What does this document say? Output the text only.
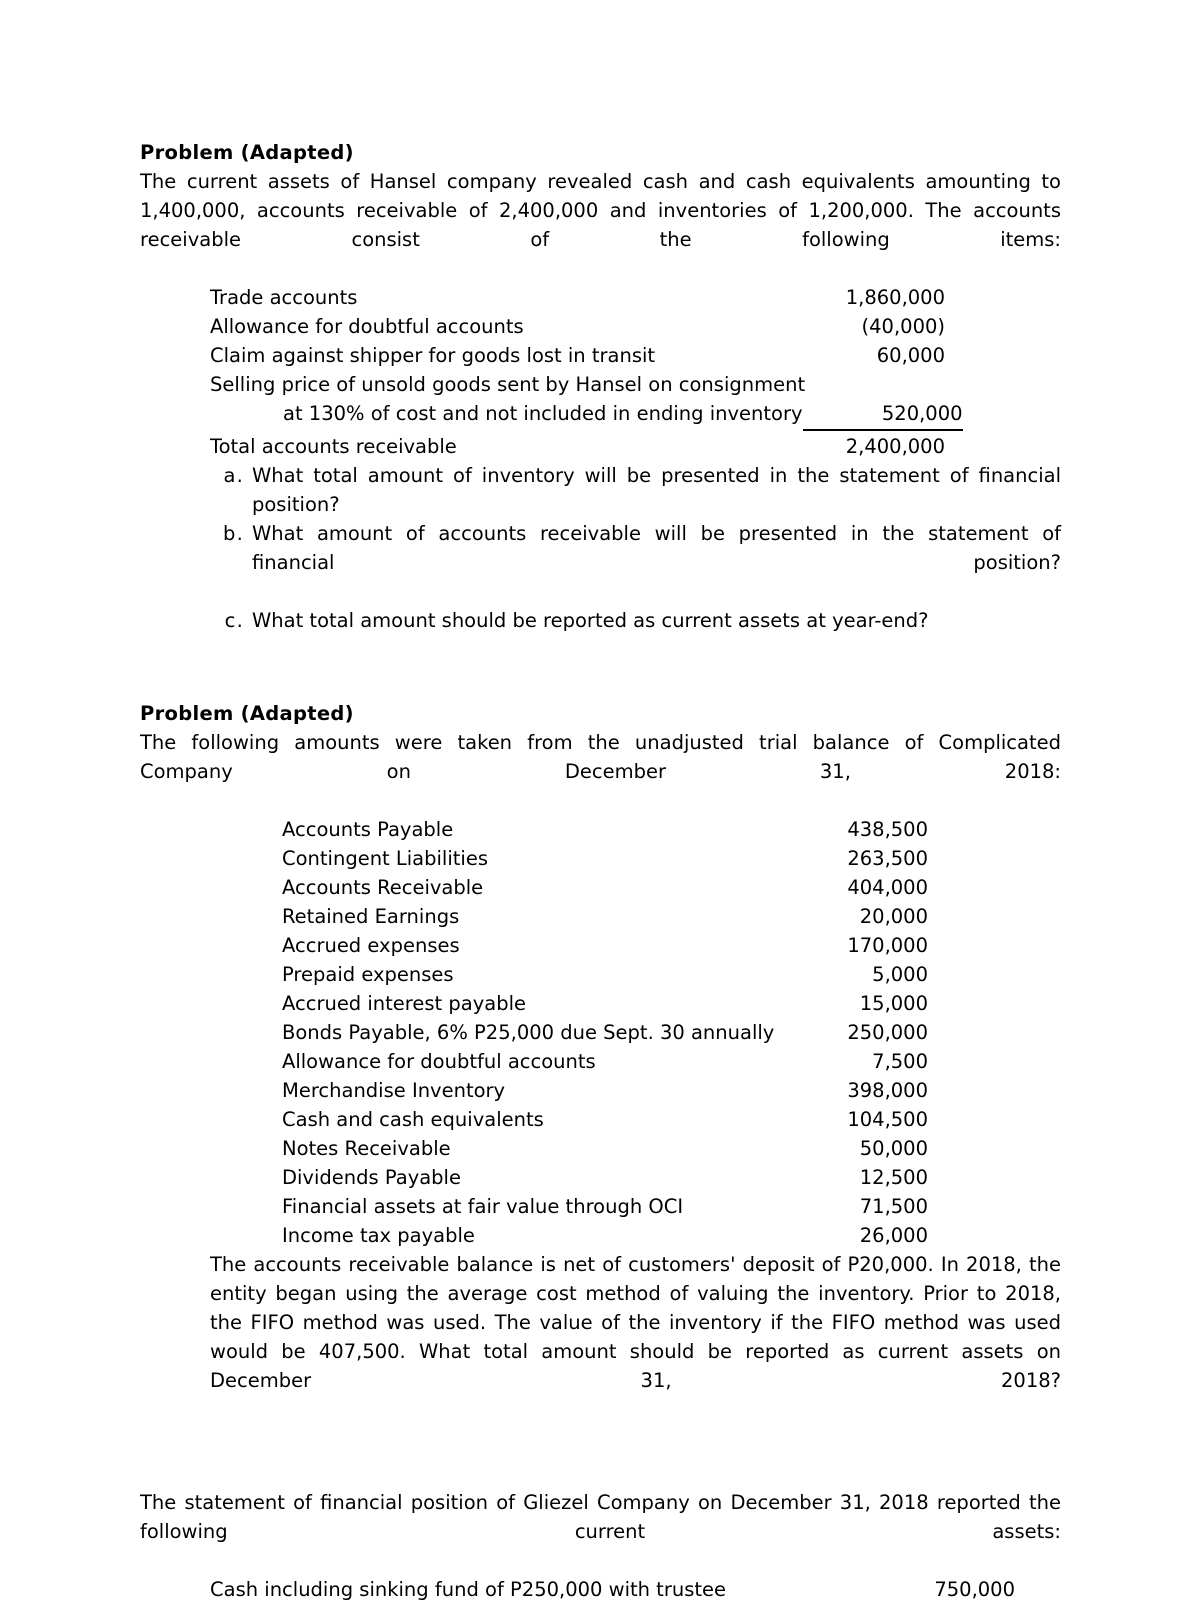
Problem (Adapted)
The current assets of Hansel company revealed cash and cash equivalents amounting to 1,400,000, accounts receivable of 2,400,000 and inventories of 1,200,000. The accounts receivable consist of the following items:
Trade accounts	1,860,000
Allowance for doubtful accounts	(40,000)
Claim against shipper for goods lost in transit	60,000
Selling price of unsold goods sent by Hansel on consignment
at 130% of cost and not included in ending inventory	520,000
Total accounts receivable	2,400,000
a. What total amount of inventory will be presented in the statement of financial position?
b. What amount of accounts receivable will be presented in the statement of financial position?
c. What total amount should be reported as current assets at year-end?
Problem (Adapted)
The following amounts were taken from the unadjusted trial balance of Complicated Company on December 31, 2018:
Accounts Payable	438,500
Contingent Liabilities	263,500
Accounts Receivable	404,000
Retained Earnings	20,000
Accrued expenses	170,000
Prepaid expenses	5,000
Accrued interest payable	15,000
Bonds Payable, 6% P25,000 due Sept. 30 annually	250,000
Allowance for doubtful accounts	7,500
Merchandise Inventory	398,000
Cash and cash equivalents	104,500
Notes Receivable	50,000
Dividends Payable	12,500
Financial assets at fair value through OCI	71,500
Income tax payable	26,000
The accounts receivable balance is net of customers' deposit of P20,000. In 2018, the entity began using the average cost method of valuing the inventory. Prior to 2018, the FIFO method was used. The value of the inventory if the FIFO method was used would be 407,500. What total amount should be reported as current assets on December 31, 2018?
The statement of financial position of Gliezel Company on December 31, 2018 reported the following current assets:
Cash including sinking fund of P250,000 with trustee	750,000
